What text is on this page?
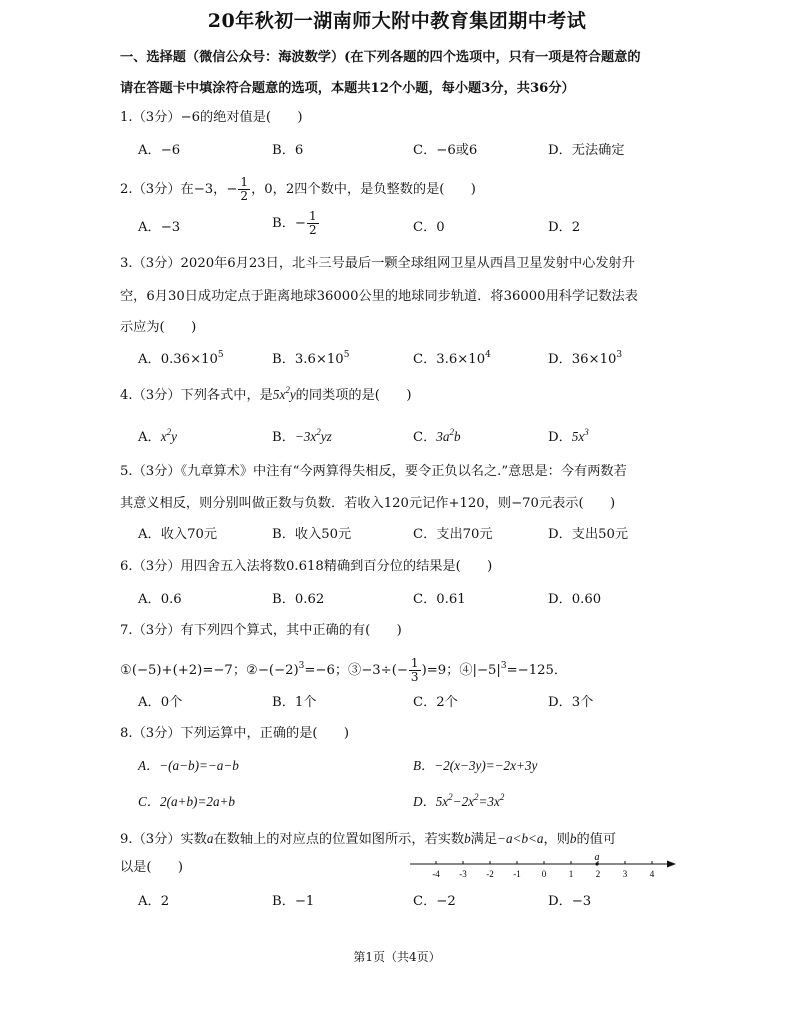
20年秋初一湖南师大附中教育集团期中考试
一、选择题（微信公众号：海波数学）(在下列各题的四个选项中，只有一项是符合题意的
请在答题卡中填涂符合题意的选项，本题共12个小题，每小题3分，共36分）
1.（3分）−6的绝对值是(　　)
A．−6	B．6	C．−6或6	D．无法确定
2.（3分）在−3，− $\frac{1}{2}$ ，0，2四个数中，是负整数的是(　　)
A．−3	B．− $\frac{1}{2}$	C．0	D．2
3.（3分）2020年6月23日，北斗三号最后一颗全球组网卫星从西昌卫星发射中心发射升
空，6月30日成功定点于距离地球36000公里的地球同步轨道．将36000用科学记数法表
示应为(　　)
A．$0.36\times 10^5$	B．$3.6\times 10^5$	C．$3.6\times 10^4$	D．$36\times 10^3$
4.（3分）下列各式中，是$5x^2y$的同类项的是(　　)
A．$x^2y$	B．$-3x^2yz$	C．$3a^2b$	D．$5x^3$
5.（3分）《九章算术》中注有“今两算得失相反，要令正负以名之.”意思是：今有两数若
其意义相反，则分别叫做正数与负数．若收入120元记作+120，则−70元表示(　　)
A．收入70元	B．收入50元	C．支出70元	D．支出50元
6.（3分）用四舍五入法将数0.618精确到百分位的结果是(　　)
A．0.6	B．0.62	C．0.61	D．0.60
7.（3分）有下列四个算式，其中正确的有(　　)
①(−5)+(+2)=−7；$②-(-2)^3=-6$；③−3÷(− $\frac{1}{3} )=9$；$④|-5|^3=-125$．
A．0个	B．1个	C．2个	D．3个
8.（3分）下列运算中，正确的是(　　)
A．−(a−b)=−a−b	B．−2(x−3y)=−2x+3y
C．2(a+b)=2a+b	D．$5x^2-2x^2=3x^2$
9.（3分）实数a在数轴上的对应点的位置如图所示，若实数b满足−a<b<a，则b的值可
以是(　　)	-4 -3 -2 -1 0	1	2	3	4
a
A．2	B．−1	C．−2	D．−3
第1页（共4页）
